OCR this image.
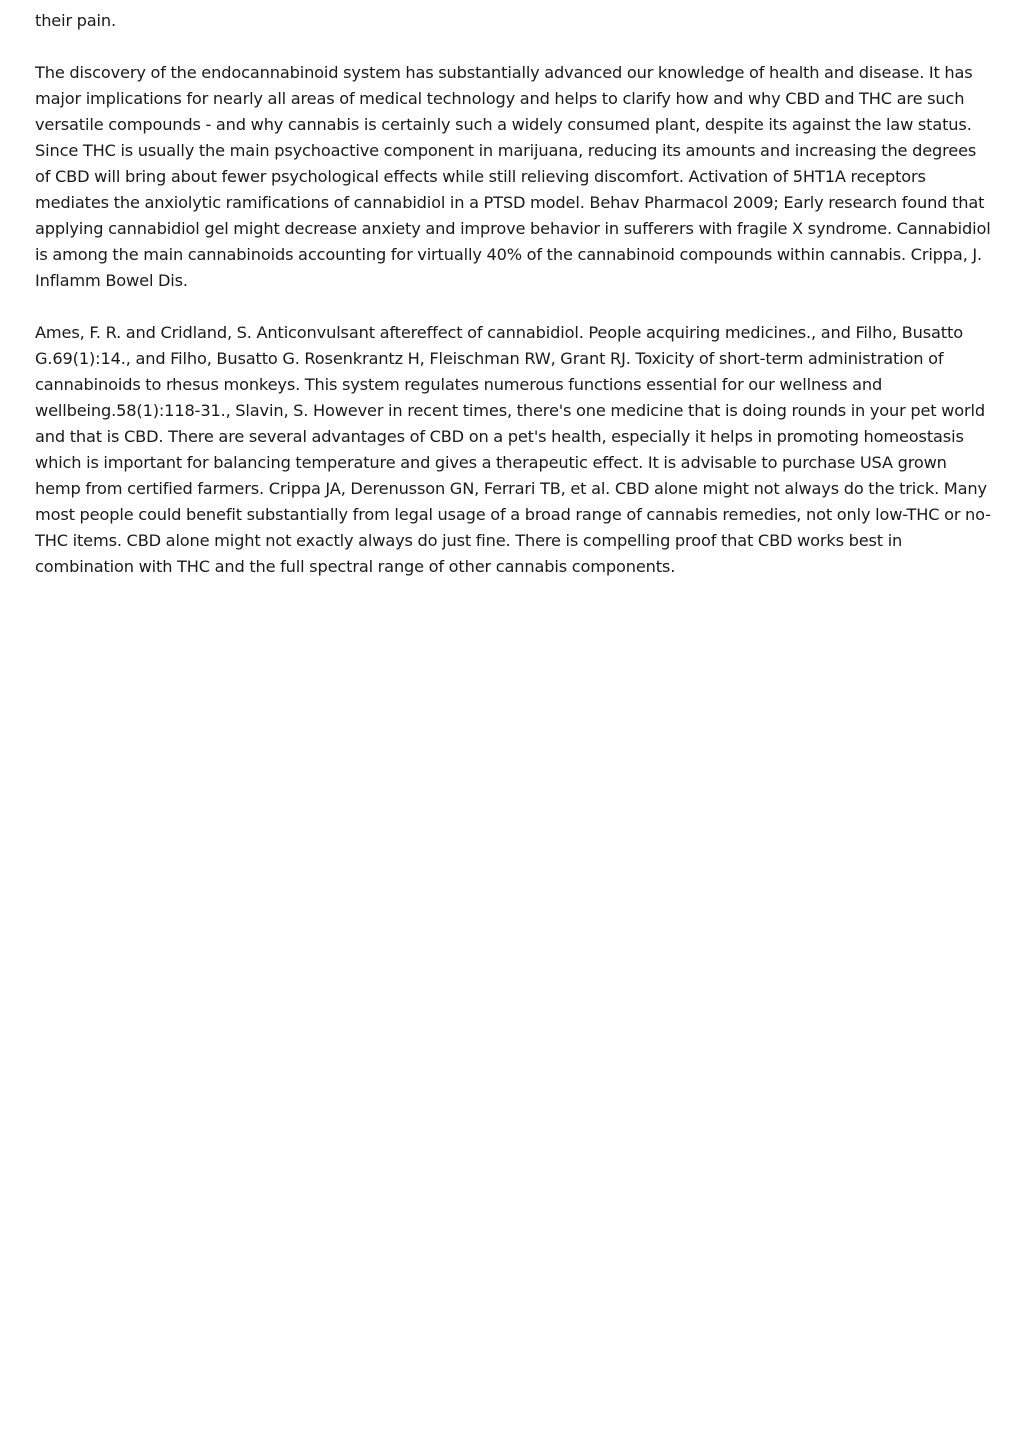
their pain.

The discovery of the endocannabinoid system has substantially advanced our knowledge of health and disease. It has major implications for nearly all areas of medical technology and helps to clarify how and why CBD and THC are such versatile compounds - and why cannabis is certainly such a widely consumed plant, despite its against the law status. Since THC is usually the main psychoactive component in marijuana, reducing its amounts and increasing the degrees of CBD will bring about fewer psychological effects while still relieving discomfort. Activation of 5HT1A receptors mediates the anxiolytic ramifications of cannabidiol in a PTSD model. Behav Pharmacol 2009; Early research found that applying cannabidiol gel might decrease anxiety and improve behavior in sufferers with fragile X syndrome. Cannabidiol is among the main cannabinoids accounting for virtually 40% of the cannabinoid compounds within cannabis. Crippa, J. Inflamm Bowel Dis.

Ames, F. R. and Cridland, S. Anticonvulsant aftereffect of cannabidiol. People acquiring medicines., and Filho, Busatto G.69(1):14., and Filho, Busatto G. Rosenkrantz H, Fleischman RW, Grant RJ. Toxicity of short-term administration of cannabinoids to rhesus monkeys. This system regulates numerous functions essential for our wellness and wellbeing.58(1):118-31., Slavin, S. However in recent times, there's one medicine that is doing rounds in your pet world and that is CBD. There are several advantages of CBD on a pet's health, especially it helps in promoting homeostasis which is important for balancing temperature and gives a therapeutic effect. It is advisable to purchase USA grown hemp from certified farmers. Crippa JA, Derenusson GN, Ferrari TB, et al. CBD alone might not always do the trick. Many most people could benefit substantially from legal usage of a broad range of cannabis remedies, not only low-THC or no-THC items. CBD alone might not exactly always do just fine. There is compelling proof that CBD works best in combination with THC and the full spectral range of other cannabis components.
